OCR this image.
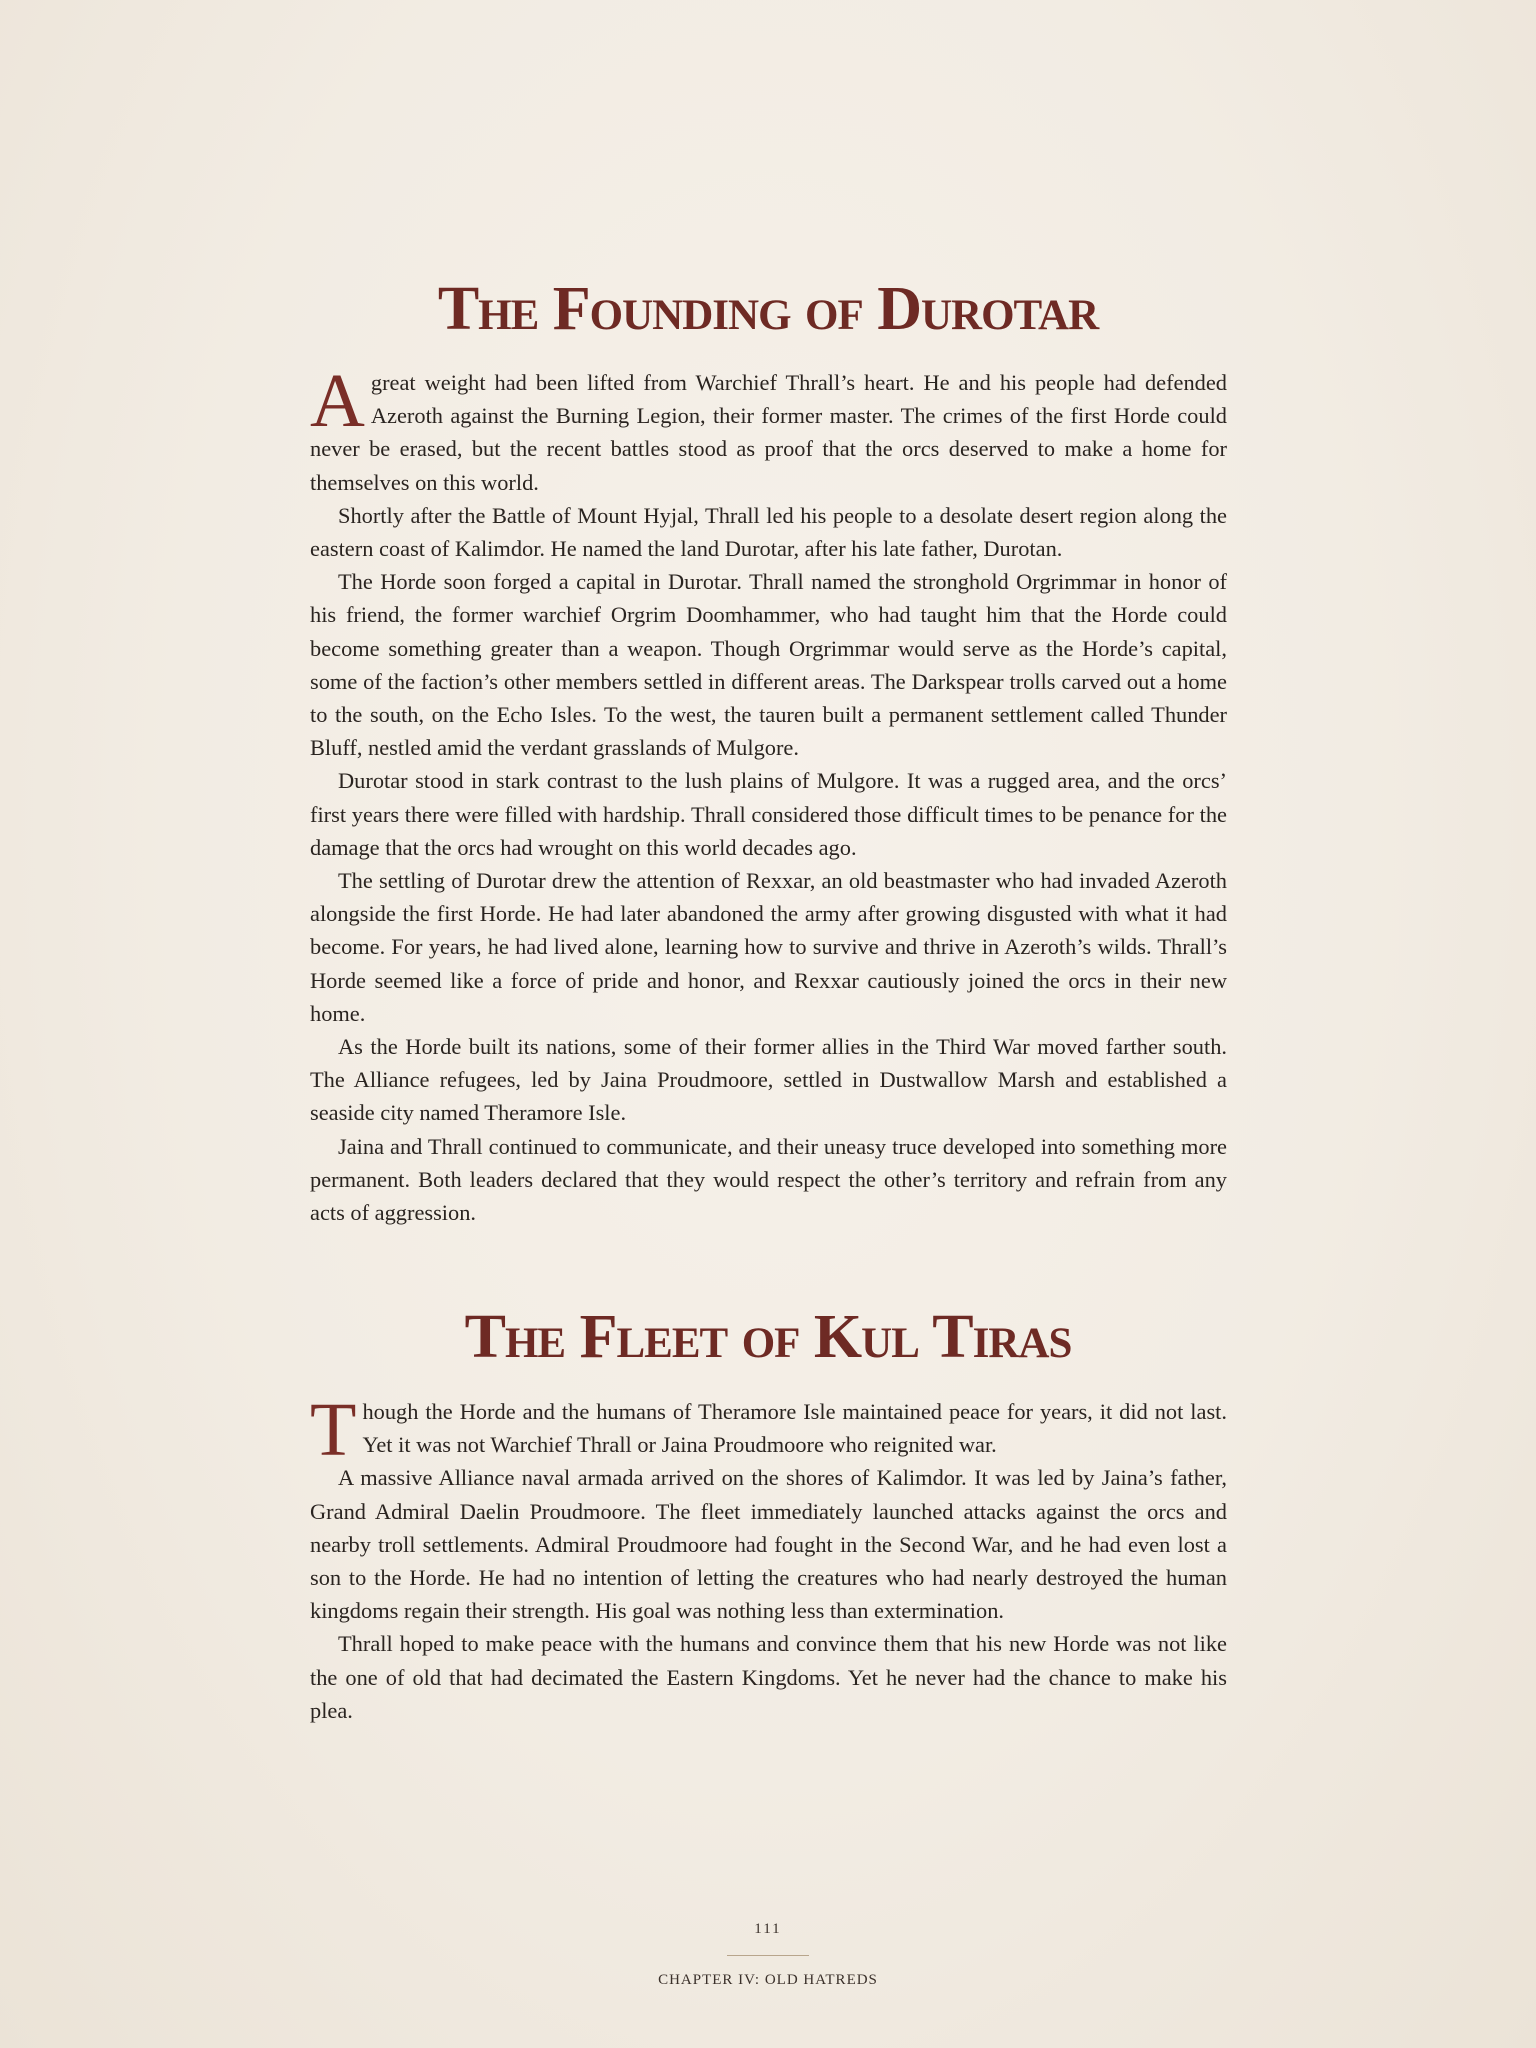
The Founding of Durotar

A great weight had been lifted from Warchief Thrall’s heart. He and his people had defended Azeroth against the Burning Legion, their former master. The crimes of the first Horde could never be erased, but the recent battles stood as proof that the orcs deserved to make a home for themselves on this world.

Shortly after the Battle of Mount Hyjal, Thrall led his people to a desolate desert region along the eastern coast of Kalimdor. He named the land Durotar, after his late father, Durotan.

The Horde soon forged a capital in Durotar. Thrall named the stronghold Orgrimmar in honor of his friend, the former warchief Orgrim Doomhammer, who had taught him that the Horde could become something greater than a weapon. Though Orgrimmar would serve as the Horde’s capital, some of the faction’s other members settled in different areas. The Darkspear trolls carved out a home to the south, on the Echo Isles. To the west, the tauren built a permanent settlement called Thunder Bluff, nestled amid the verdant grasslands of Mulgore.

Durotar stood in stark contrast to the lush plains of Mulgore. It was a rugged area, and the orcs’ first years there were filled with hardship. Thrall considered those difficult times to be penance for the damage that the orcs had wrought on this world decades ago.

The settling of Durotar drew the attention of Rexxar, an old beastmaster who had invaded Azeroth alongside the first Horde. He had later abandoned the army after growing disgusted with what it had become. For years, he had lived alone, learning how to survive and thrive in Azeroth’s wilds. Thrall’s Horde seemed like a force of pride and honor, and Rexxar cautiously joined the orcs in their new home.

As the Horde built its nations, some of their former allies in the Third War moved farther south. The Alliance refugees, led by Jaina Proudmoore, settled in Dustwallow Marsh and established a seaside city named Theramore Isle.

Jaina and Thrall continued to communicate, and their uneasy truce developed into something more permanent. Both leaders declared that they would respect the other’s territory and refrain from any acts of aggression.

The Fleet of Kul Tiras

Though the Horde and the humans of Theramore Isle maintained peace for years, it did not last. Yet it was not Warchief Thrall or Jaina Proudmoore who reignited war.

A massive Alliance naval armada arrived on the shores of Kalimdor. It was led by Jaina’s father, Grand Admiral Daelin Proudmoore. The fleet immediately launched attacks against the orcs and nearby troll settlements. Admiral Proudmoore had fought in the Second War, and he had even lost a son to the Horde. He had no intention of letting the creatures who had nearly destroyed the human kingdoms regain their strength. His goal was nothing less than extermination.

Thrall hoped to make peace with the humans and convince them that his new Horde was not like the one of old that had decimated the Eastern Kingdoms. Yet he never had the chance to make his plea.

111
CHAPTER IV: OLD HATREDS
